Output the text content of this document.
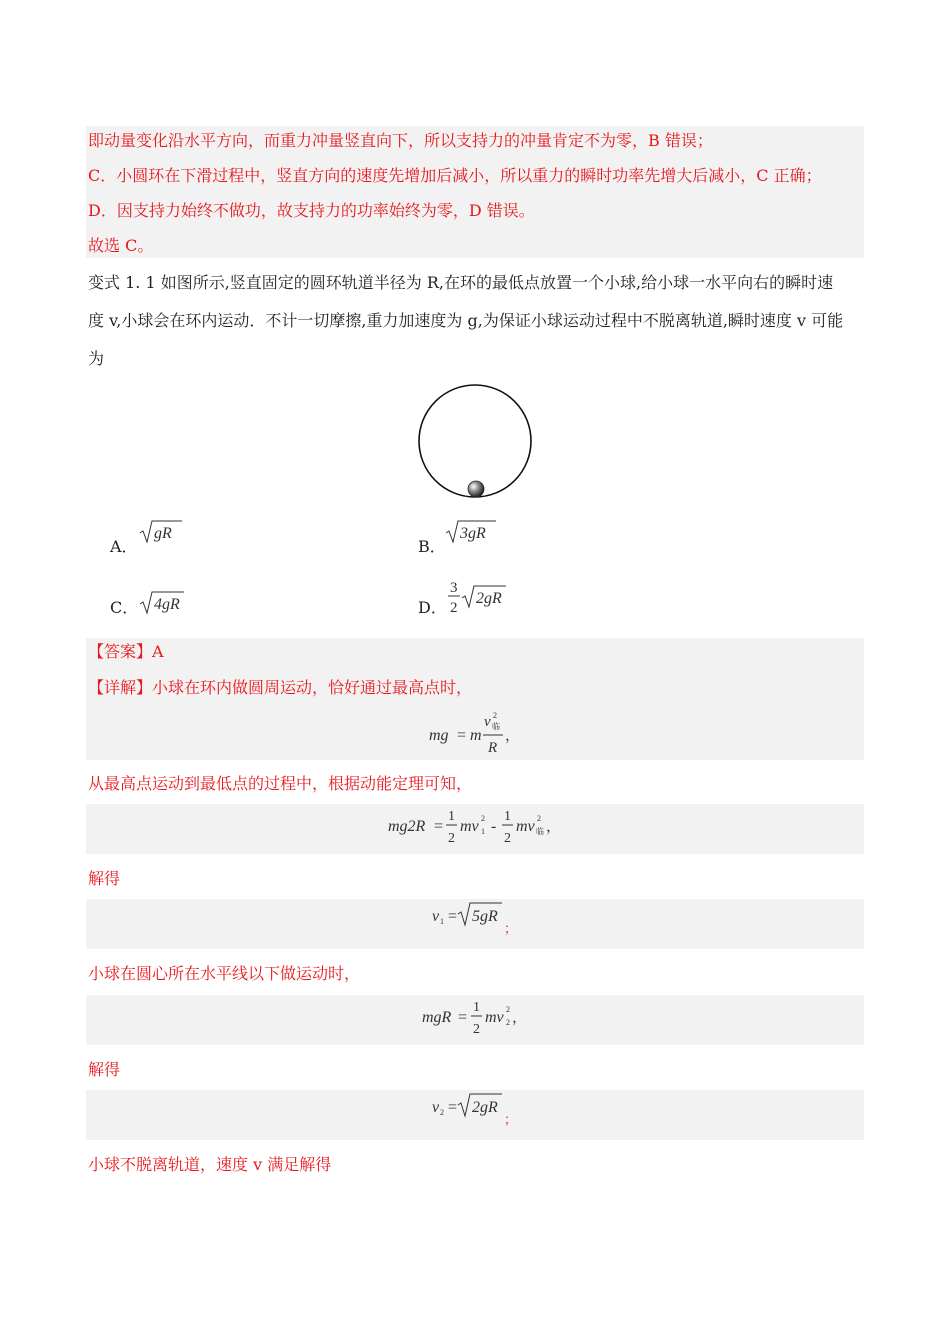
即动量变化沿水平方向，而重力冲量竖直向下，所以支持力的冲量肯定不为零，B 错误；
C．小圆环在下滑过程中，竖直方向的速度先增加后减小，所以重力的瞬时功率先增大后减小，C 正确；
D．因支持力始终不做功，故支持力的功率始终为零，D 错误。
故选 C。
变式 1. 1 如图所示,竖直固定的圆环轨道半径为 R,在环的最低点放置一个小球,给小球一水平向右的瞬时速
度 v,小球会在环内运动．不计一切摩擦,重力加速度为 g,为保证小球运动过程中不脱离轨道,瞬时速度 v 可能
为
A．
gR
B．
3gR
C． 4gR	D．
3
2
2gR
【答案】A
【详解】小球在环内做圆周运动，恰好通过最高点时，
mg = m
v 2
临
R
，
从最高点运动到最低点的过程中，根据动能定理可知，
mg2R =
1
2
mv 2
1 -
1
2
mv 2
临 ，
解得
v 1 = 5gR
；
小球在圆心所在水平线以下做运动时，
mgR =
1
2
mv 2
2 ，
解得
v 2 = 2gR
；
小球不脱离轨道，速度 v 满足解得
